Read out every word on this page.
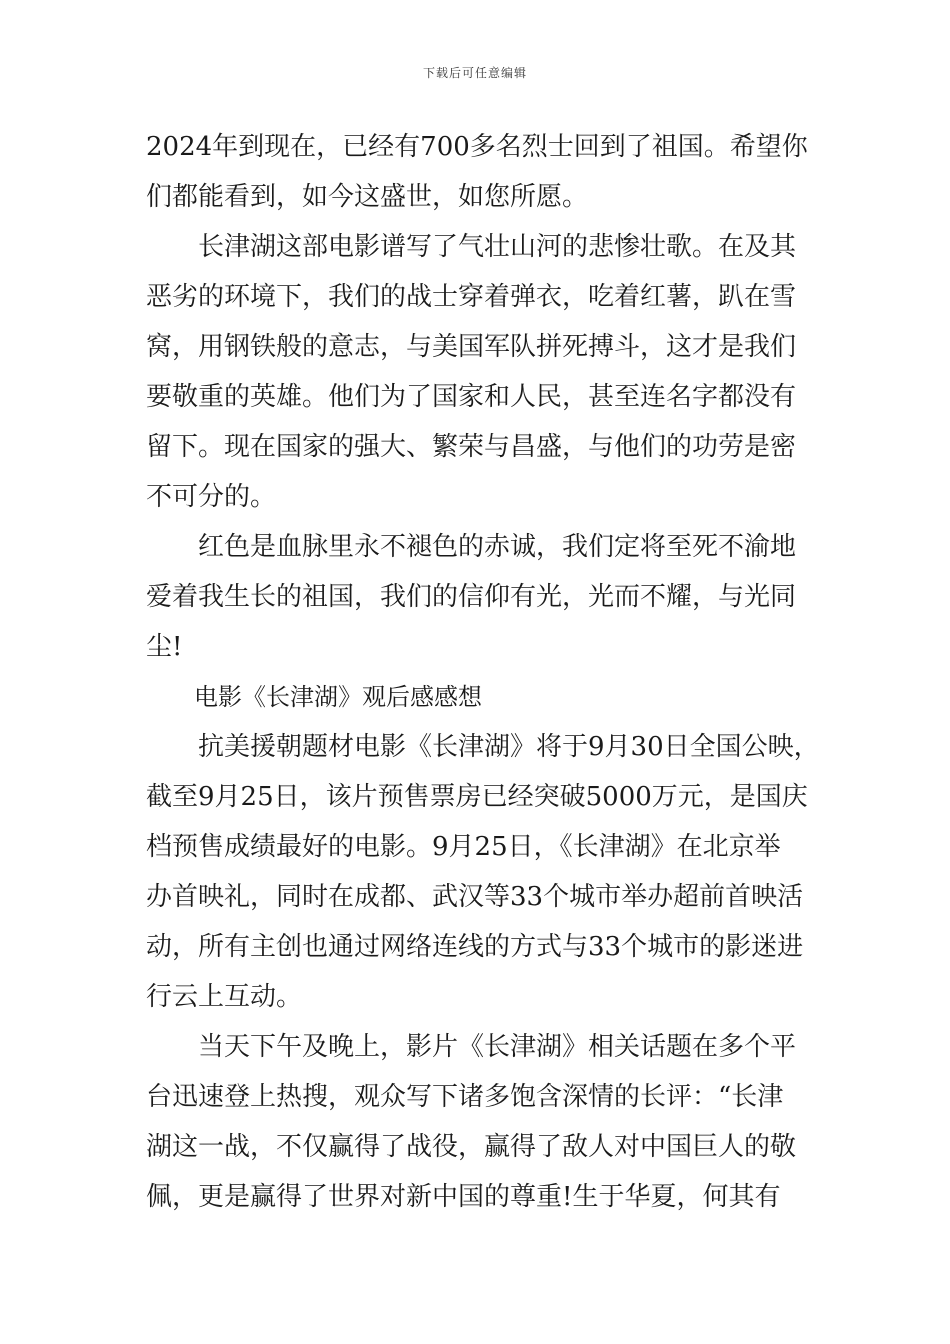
下载后可任意编辑
2024年到现在，已经有700多名烈士回到了祖国。希望你
们都能看到，如今这盛世，如您所愿。
　　长津湖这部电影谱写了气壮山河的悲惨壮歌。在及其
恶劣的环境下，我们的战士穿着弹衣，吃着红薯，趴在雪
窝，用钢铁般的意志，与美国军队拼死搏斗，这才是我们
要敬重的英雄。他们为了国家和人民，甚至连名字都没有
留下。现在国家的强大、繁荣与昌盛，与他们的功劳是密
不可分的。
　　红色是血脉里永不褪色的赤诚，我们定将至死不渝地
爱着我生长的祖国，我们的信仰有光，光而不耀，与光同
尘!
　　电影《长津湖》观后感感想
　　抗美援朝题材电影《长津湖》将于9月30日全国公映，
截至9月25日，该片预售票房已经突破5000万元，是国庆
档预售成绩最好的电影。9月25日，《长津湖》在北京举
办首映礼，同时在成都、武汉等33个城市举办超前首映活
动，所有主创也通过网络连线的方式与33个城市的影迷进
行云上互动。
　　当天下午及晚上，影片《长津湖》相关话题在多个平
台迅速登上热搜，观众写下诸多饱含深情的长评：“长津
湖这一战，不仅赢得了战役，赢得了敌人对中国巨人的敬
佩，更是赢得了世界对新中国的尊重!生于华夏，何其有
